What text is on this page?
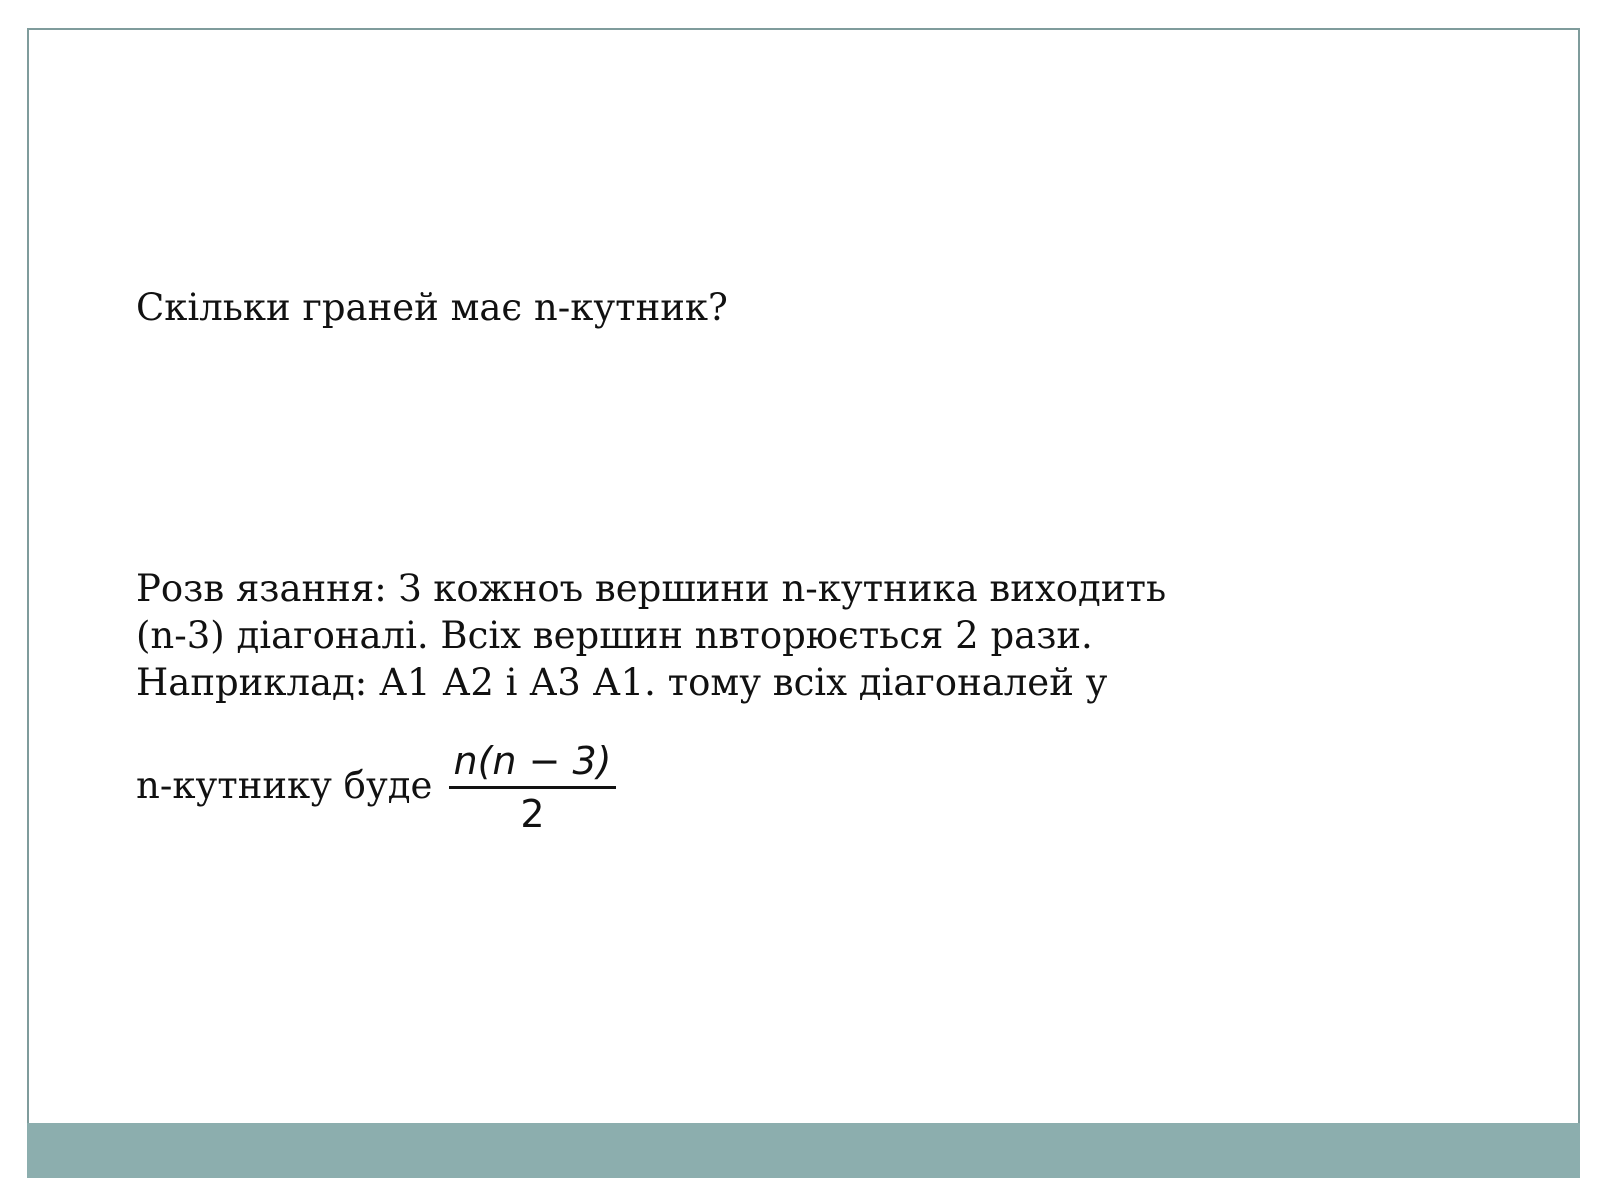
Скільки граней має n-кутник?
Розв язання: З кожноъ вершини n-кутника виходить
(n-3) діагоналі. Всіх вершин nвторюється 2 рази.
Наприклад: А1 А2 і А3 А1. тому всіх діагоналей у
n-кутнику буде
n(n − 3)
2
